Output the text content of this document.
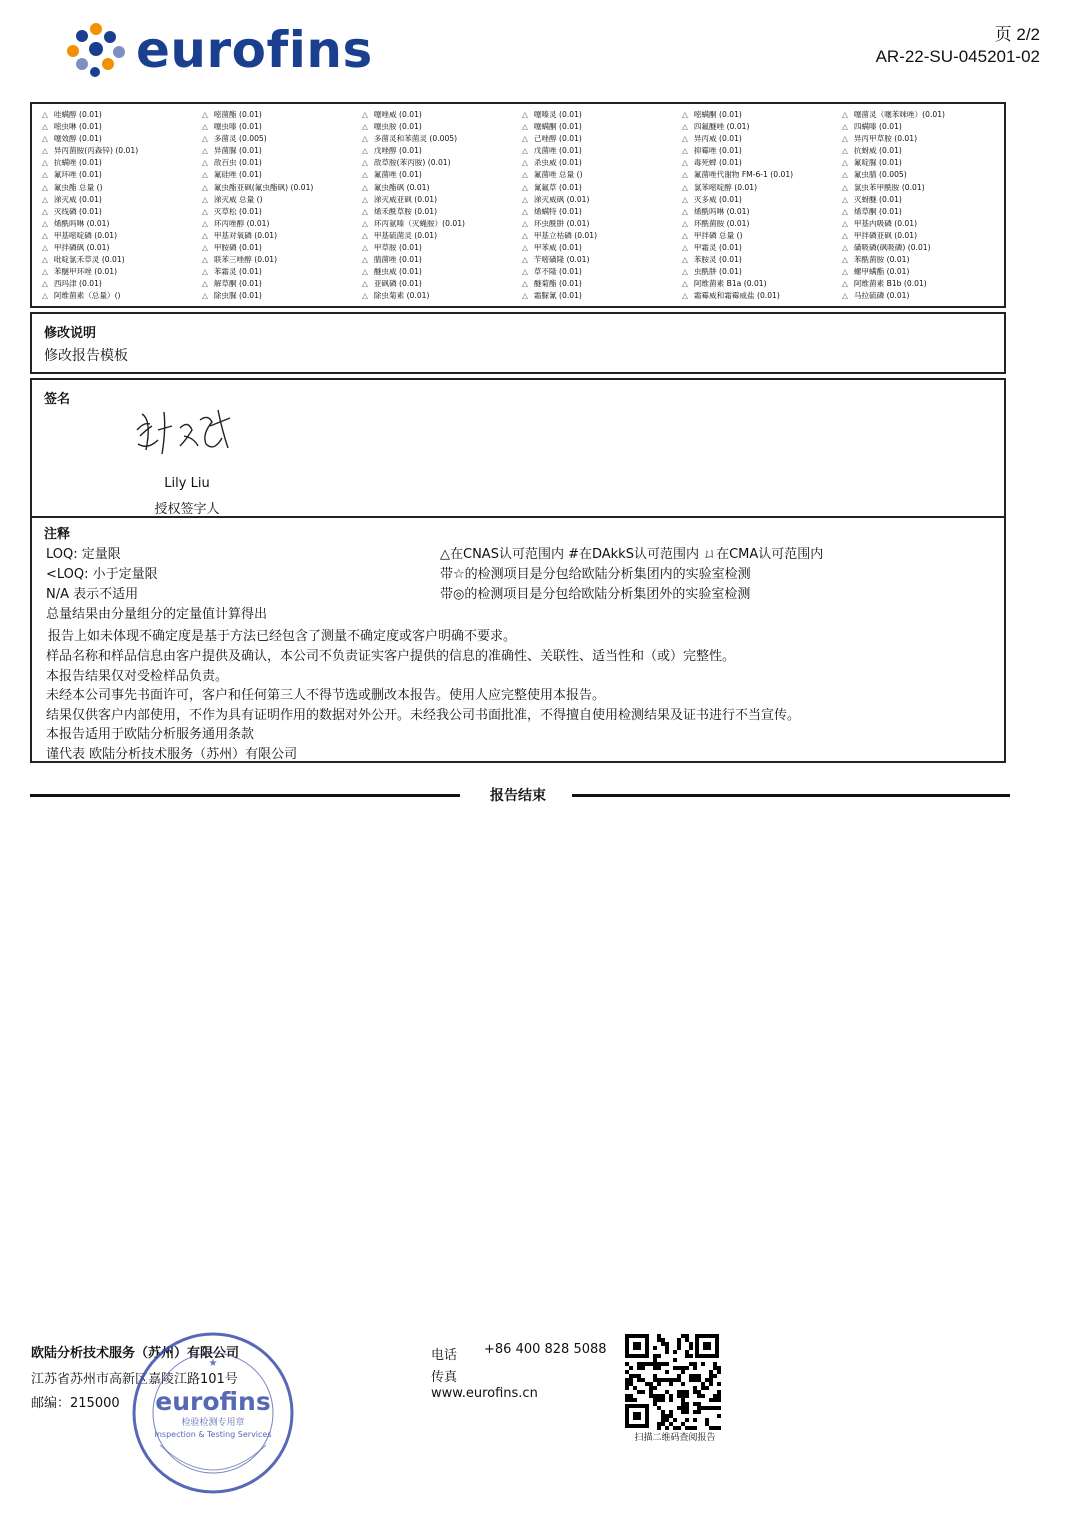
eurofins	页 2/2
AR-22-SU-045201-02
△ 哇螨醇 (0.01)	△ 嘧菌酯 (0.01)	△ 噻唑威 (0.01)	△ 噻嗪灵 (0.01)	△ 嘧螨酮 (0.01)	△ 噻菌灵（噻苯咪唑）(0.01)
△ 嘧虫啉 (0.01)	△ 噻虫嗪 (0.01)	△ 噻虫胺 (0.01)	△ 噻螨酮 (0.01)	△ 四氟醚唑 (0.01)	△ 四螨嗪 (0.01)
△ 噻效醇 (0.01)	△ 多菌灵 (0.005)	△ 多菌灵和苯菌灵 (0.005)	△ 己唑醇 (0.01)	△ 异丙威 (0.01)	△ 异丙甲草胺 (0.01)
△ 异丙菌胺(丙森锌) (0.01)	△ 异菌脲 (0.01)	△ 戊唑醇 (0.01)	△ 戊菌唑 (0.01)	△ 抑霉唑 (0.01)	△ 抗蚜威 (0.01)
△ 抗螨唑 (0.01)	△ 敌百虫 (0.01)	△ 敌草胺(苯丙胺) (0.01)	△ 杀虫威 (0.01)	△ 毒死蜱 (0.01)	△ 氟啶脲 (0.01)
△ 氟环唑 (0.01)	△ 氟硅唑 (0.01)	△ 氟菌唑 (0.01)	△ 氟菌唑 总量 ()	△ 氟菌唑代谢物 FM-6-1 (0.01)	△ 氟虫腈 (0.005)
△ 氟虫酯 总量 ()	△ 氟虫酯亚砜(氟虫酯砜) (0.01)	△ 氟虫酯砜 (0.01)	△ 氰氟草 (0.01)	△ 氯苯嘧啶醇 (0.01)	△ 氯虫苯甲酰胺 (0.01)
△ 涕灭威 (0.01)	△ 涕灭威 总量 ()	△ 涕灭威亚砜 (0.01)	△ 涕灭威砜 (0.01)	△ 灭多威 (0.01)	△ 灭蚜醚 (0.01)
△ 灭线磷 (0.01)	△ 灭草松 (0.01)	△ 烯禾酰草胺 (0.01)	△ 烯螨特 (0.01)	△ 烯酰吗啉 (0.01)	△ 烯草酮 (0.01)
△ 烯酰吗啉 (0.01)	△ 环丙唑醇 (0.01)	△ 环丙氨嗪（灭蝇胺）(0.01)	△ 环虫酰肼 (0.01)	△ 环酰菌胺 (0.01)	△ 甲基内吸磷 (0.01)
△ 甲基嘧啶磷 (0.01)	△ 甲基对氧磷 (0.01)	△ 甲基硫菌灵 (0.01)	△ 甲基立枯磷 (0.01)	△ 甲拌磷 总量 ()	△ 甲拌磷亚砜 (0.01)
△ 甲拌磷砜 (0.01)	△ 甲胺磷 (0.01)	△ 甲草胺 (0.01)	△ 甲苯威 (0.01)	△ 甲霜灵 (0.01)	△ 磺吸磷(砜吸磷) (0.01)
△ 吡啶氯禾草灵 (0.01)	△ 联苯三唑醇 (0.01)	△ 腈菌唑 (0.01)	△ 苄嘧磺隆 (0.01)	△ 苯胺灵 (0.01)	△ 苯酰菌胺 (0.01)
△ 苯醚甲环唑 (0.01)	△ 苯霜灵 (0.01)	△ 醚虫威 (0.01)	△ 草不隆 (0.01)	△ 虫酰肼 (0.01)	△ 螺甲螨酯 (0.01)
△ 西玛津 (0.01)	△ 解草酮 (0.01)	△ 亚砜磷 (0.01)	△ 醚菊酯 (0.01)	△ 阿维菌素 B1a (0.01)	△ 阿维菌素 B1b (0.01)
△ 阿维菌素（总量）()	△ 除虫脲 (0.01)	△ 除虫菊素 (0.01)	△ 霜脲氰 (0.01)	△ 霜霉威和霜霉威盐 (0.01)	△ 马拉硫磷 (0.01)
修改说明
修改报告模板
签名
Lily Liu
授权签字人
注释
LOQ: 定量限
<LOQ: 小于定量限
N/A 表示不适用
总量结果由分量组分的定量值计算得出
△在CNAS认可范围内 #在DAkkS认可范围内 ㄩ在CMA认可范围内
带☆的检测项目是分包给欧陆分析集团内的实验室检测
带◎的检测项目是分包给欧陆分析集团外的实验室检测
报告上如未体现不确定度是基于方法已经包含了测量不确定度或客户明确不要求。
样品名称和样品信息由客户提供及确认，本公司不负责证实客户提供的信息的准确性、关联性、适当性和（或）完整性。
本报告结果仅对受检样品负责。
未经本公司事先书面许可，客户和任何第三人不得节选或删改本报告。使用人应完整使用本报告。
结果仅供客户内部使用，不作为具有证明作用的数据对外公开。未经我公司书面批准，不得擅自使用检测结果及证书进行不当宣传。
本报告适用于欧陆分析服务通用条款
谨代表 欧陆分析技术服务（苏州）有限公司
报告结束
欧陆分析技术服务（苏州）有限公司
江苏省苏州市高新区嘉陵江路101号
邮编：215000
★
eurofins
检验检测专用章
Inspection & Testing Services
电话 +86 400 828 5088
传真
www.eurofins.cn
扫描二维码查阅报告
